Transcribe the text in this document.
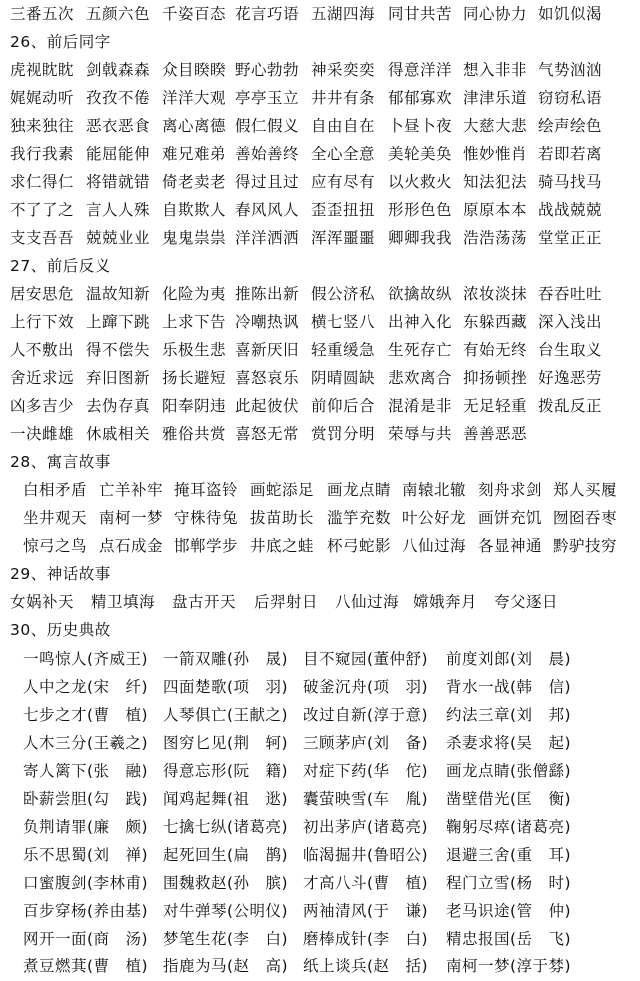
三番五次 五颜六色 千姿百态 花言巧语 五湖四海 同甘共苦 同心协力 如饥似渴
26、前后同字
虎视眈眈 剑戟森森 众目睽睽 野心勃勃 神采奕奕 得意洋洋 想入非非 气势汹汹
娓娓动听 孜孜不倦 洋洋大观 亭亭玉立 井井有条 郁郁寡欢 津津乐道 窃窃私语
独来独往 恶衣恶食 离心离德 假仁假义 自由自在 卜昼卜夜 大慈大悲 绘声绘色
我行我素 能屈能伸 难兄难弟 善始善终 全心全意 美轮美奂 惟妙惟肖 若即若离
求仁得仁 将错就错 倚老卖老 得过且过 应有尽有 以火救火 知法犯法 骑马找马
不了了之 言人人殊 自欺欺人 春风风人 歪歪扭扭 形形色色 原原本本 战战兢兢
支支吾吾 兢兢业业 鬼鬼祟祟 洋洋洒洒 浑浑噩噩 卿卿我我 浩浩荡荡 堂堂正正
27、前后反义
居安思危 温故知新 化险为夷 推陈出新 假公济私 欲擒故纵 浓妆淡抹 吞吞吐吐
上行下效 上蹿下跳 上求下告 冷嘲热讽 横七竖八 出神入化 东躲西藏 深入浅出
人不敷出 得不偿失 乐极生悲 喜新厌旧 轻重缓急 生死存亡 有始无终 台生取义
舍近求远 弃旧图新 扬长避短 喜怒哀乐 阴晴圆缺 悲欢离合 抑扬顿挫 好逸恶劳
凶多吉少 去伪存真 阳奉阴违 此起彼伏 前仰后合 混淆是非 无足轻重 拨乱反正
一决雌雄 休戚相关 雅俗共赏 喜怒无常 赏罚分明 荣辱与共 善善恶恶
28、寓言故事
白相矛盾 亡羊补牢 掩耳盗铃 画蛇添足 画龙点睛 南辕北辙 刻舟求剑 郑人买履
坐井观天 南柯一梦 守株待兔 拔苗助长 滥竽充数 叶公好龙 画饼充饥 囫囵吞枣
惊弓之鸟 点石成金 邯郸学步 井底之蛙 杯弓蛇影 八仙过海 各显神通 黔驴技穷
29、神话故事
女娲补天 精卫填海 盘古开天 后羿射日 八仙过海 嫦娥奔月 夸父逐日
30、历史典故
一鸣惊人(齐威王) 一箭双雕(孙　晟) 目不窥园(董仲舒) 前度刘郎(刘　晨)
人中之龙(宋　纤) 四面楚歌(项　羽) 破釜沉舟(项　羽) 背水一战(韩　信)
七步之才(曹　植) 人琴俱亡(王献之) 改过自新(淳于意) 约法三章(刘　邦)
人木三分(王羲之) 图穷匕见(荆　轲) 三顾茅庐(刘　备) 杀妻求将(吴　起)
寄人篱下(张　融) 得意忘形(阮　籍) 对症下药(华　佗) 画龙点睛(张僧繇)
卧薪尝胆(勾　践) 闻鸡起舞(祖　逖) 囊萤映雪(车　胤) 凿壁借光(匡　衡)
负荆请罪(廉　颇) 七擒七纵(诸葛亮) 初出茅庐(诸葛亮) 鞠躬尽瘁(诸葛亮)
乐不思蜀(刘　禅) 起死回生(扁　鹊) 临渴掘井(鲁昭公) 退避三舍(重　耳)
口蜜腹剑(李林甫) 围魏救赵(孙　膑) 才高八斗(曹　植) 程门立雪(杨　时)
百步穿杨(养由基) 对牛弹琴(公明仪) 两袖清风(于　谦) 老马识途(管　仲)
网开一面(商　汤) 梦笔生花(李　白) 磨棒成针(李　白) 精忠报国(岳　飞)
煮豆燃萁(曹　植) 指鹿为马(赵　高) 纸上谈兵(赵　括) 南柯一梦(淳于棼)
